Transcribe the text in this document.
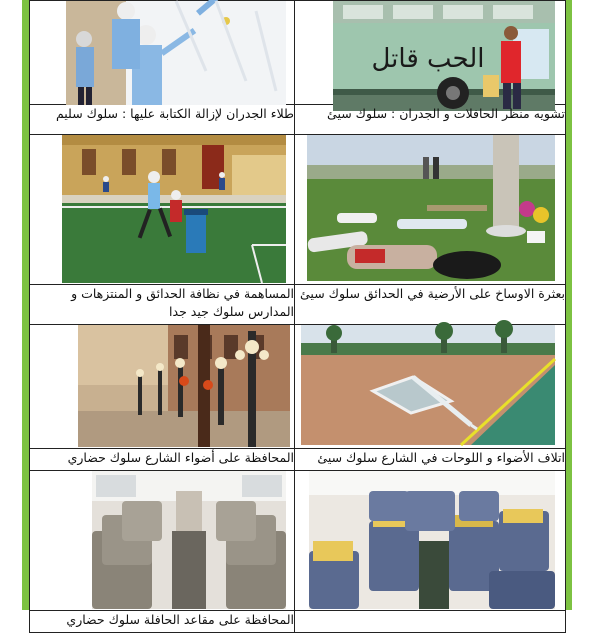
الحب قاتل

طلاء الجدران لإزالة الكتابة عليها : سلوك سليم	تشويه منظر الحافلات و الجدران : سلوك سيئ

المساهمة في نظافة الحدائق و المنتزهات و المدارس سلوك جيد جدا	بعثرة الاوساخ على الأرضية في الحدائق سلوك سيئ

المحافظة على أضواء الشارع سلوك حضاري	اتلاف الأضواء و اللوحات في الشارع سلوك سيئ

المحافظة على مقاعد الحافلة سلوك حضاري	
